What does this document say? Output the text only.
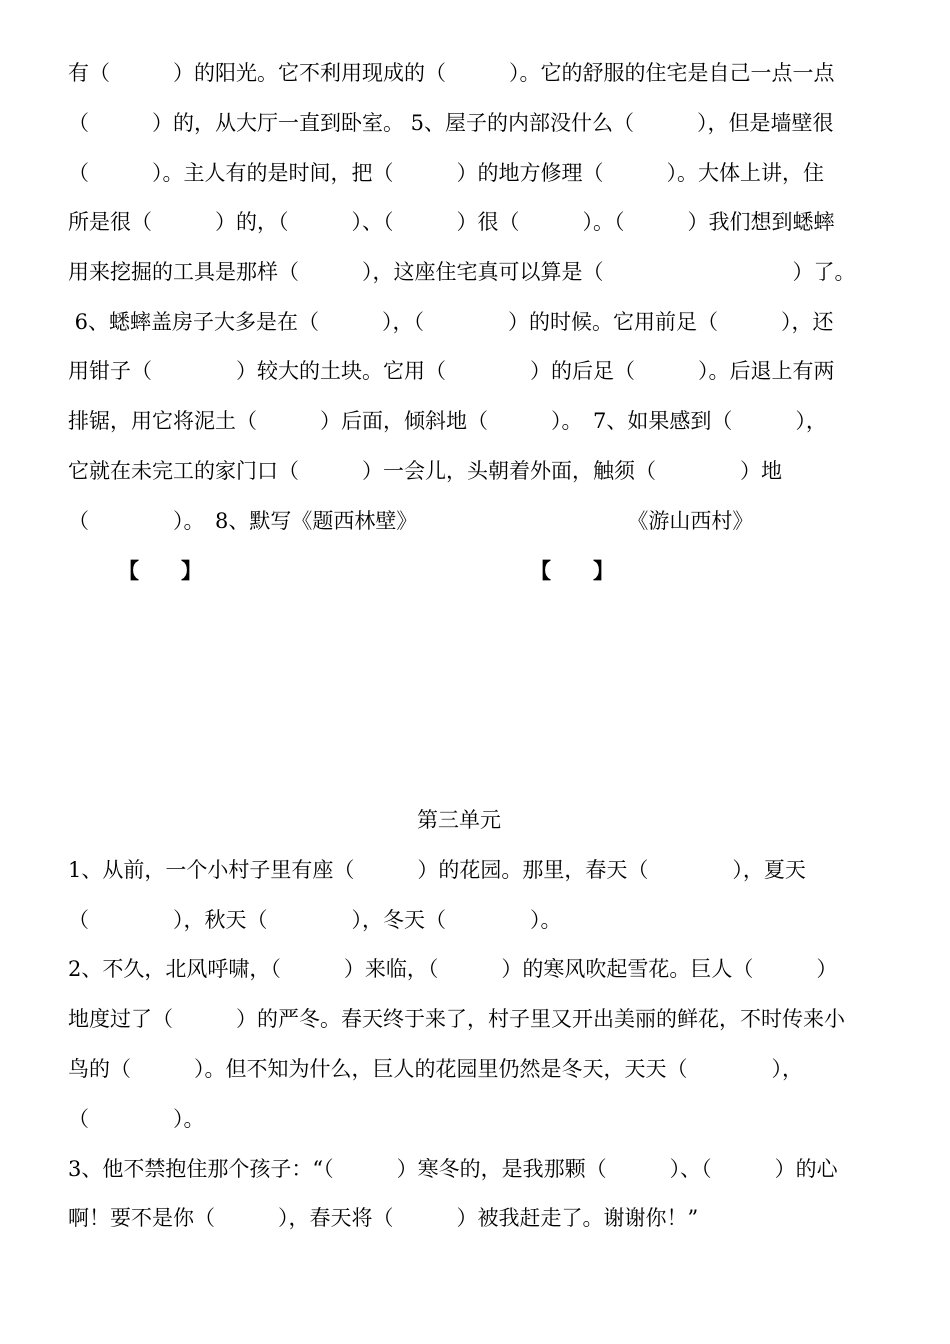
有（　　　）的阳光。它不利用现成的（　　　）。它的舒服的住宅是自己一点一点
（　　　）的，从大厅一直到卧室。 5、屋子的内部没什么（　　　），但是墙壁很
（　　　）。主人有的是时间，把（　　　）的地方修理（　　　）。大体上讲，住
所是很（　　　）的，（　　　）、（　　　）很（　　　）。（　　　）我们想到蟋蟀
用来挖掘的工具是那样（　　　），这座住宅真可以算是（　　　　　　　　　）了。
6、蟋蟀盖房子大多是在（　　　），（　　　　）的时候。它用前足（　　　），还
用钳子（　　　　）较大的土块。它用（　　　　）的后足（　　　）。后退上有两
排锯，用它将泥土（　　　）后面，倾斜地（　　　）。　7、如果感到（　　　），
它就在未完工的家门口（　　　）一会儿，头朝着外面，触须（　　　　）地
（　　　　）。　8、默写《题西林壁》　　　　　　　　　　　《游山西村》
【　　】	【　　】
第三单元
1、从前，一个小村子里有座（　　　）的花园。那里，春天（　　　　），夏天
（　　　　），秋天（　　　　），冬天（　　　　）。
2、不久，北风呼啸，（　　　）来临，（　　　）的寒风吹起雪花。巨人（　　　）
地度过了（　　　）的严冬。春天终于来了，村子里又开出美丽的鲜花，不时传来小
鸟的（　　　）。但不知为什么，巨人的花园里仍然是冬天，天天（　　　　），
（　　　　）。
3、他不禁抱住那个孩子：“（　　　）寒冬的，是我那颗（　　　）、（　　　）的心
啊！要不是你（　　　），春天将（　　　）被我赶走了。谢谢你！”
